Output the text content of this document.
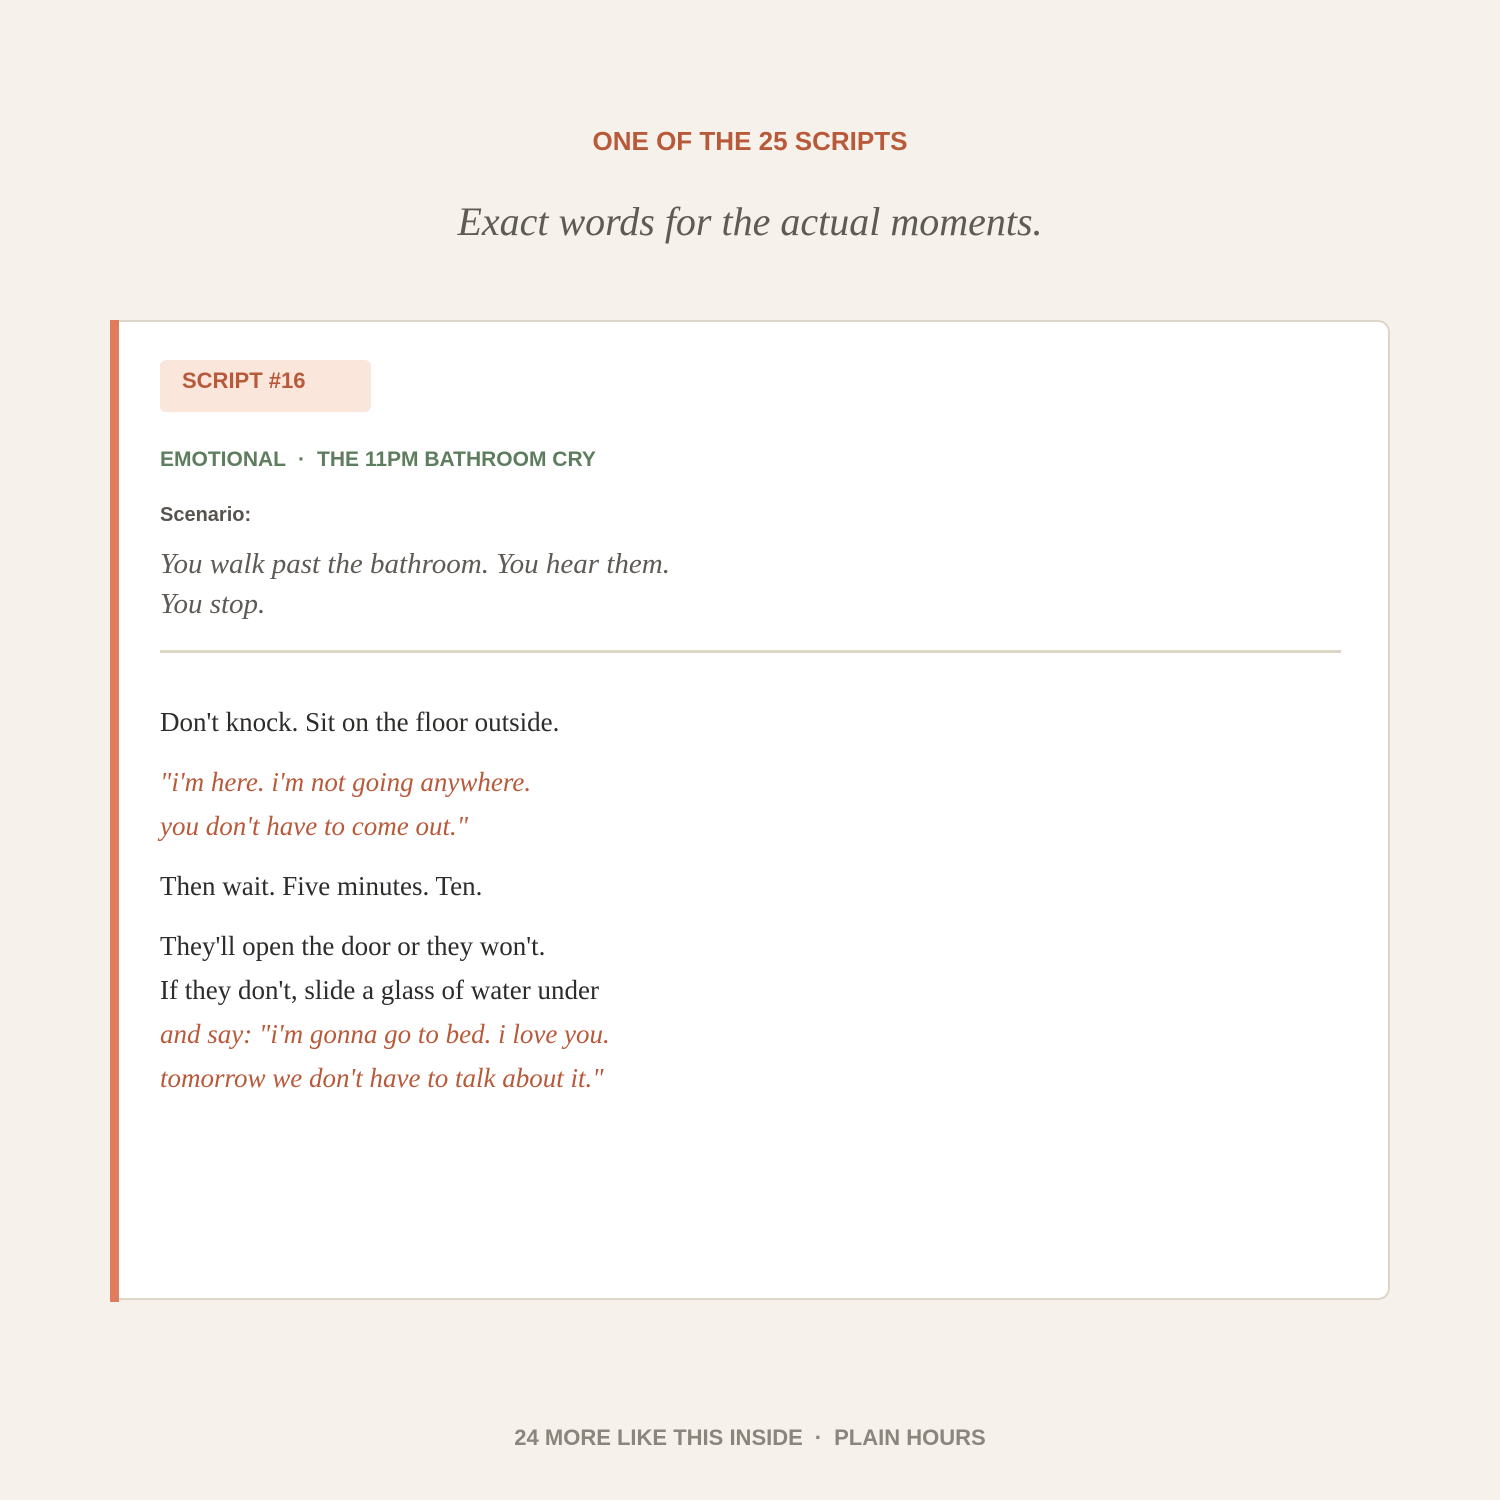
ONE OF THE 25 SCRIPTS
Exact words for the actual moments.
SCRIPT #16
EMOTIONAL · THE 11PM BATHROOM CRY
Scenario:
You walk past the bathroom. You hear them.
You stop.
Don't knock. Sit on the floor outside.
"i'm here. i'm not going anywhere.
you don't have to come out."
Then wait. Five minutes. Ten.
They'll open the door or they won't.
If they don't, slide a glass of water under
and say: "i'm gonna go to bed. i love you.
tomorrow we don't have to talk about it."
24 MORE LIKE THIS INSIDE · PLAIN HOURS
